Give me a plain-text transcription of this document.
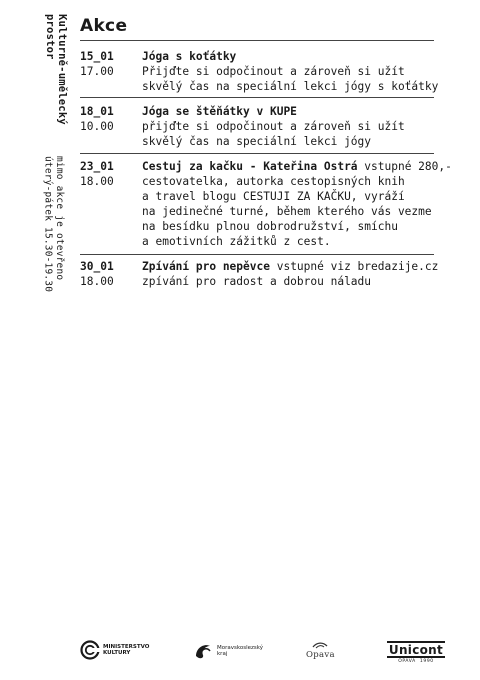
Kulturně-umělecký
prostor
mimo akce je otevřeno
úterý-pátek 15.30-19.30
Akce
15_01
17.00
Jóga s koťátky
Přijďte si odpočinout a zároveň si užít
skvělý čas na speciální lekci jógy s koťátky
18_01
10.00
Jóga se štěňátky v KUPE
přijďte si odpočinout a zároveň si užít
skvělý čas na speciální lekci jógy
23_01
18.00
Cestuj za kačku - Kateřina Ostrá vstupné 280,-
cestovatelka, autorka cestopisných knih
a travel blogu CESTUJI ZA KAČKU, vyráží
na jedinečné turné, během kterého vás vezme
na besídku plnou dobrodružství, smíchu
a emotivních zážitků z cest.
30_01
18.00
Zpívání pro nepěvce vstupné viz bredazije.cz
zpívání pro radost a dobrou náladu
MINISTERSTVO
KULTURY
Moravskoslezský
kraj	Opava	Unicont
OPAVA  1990
